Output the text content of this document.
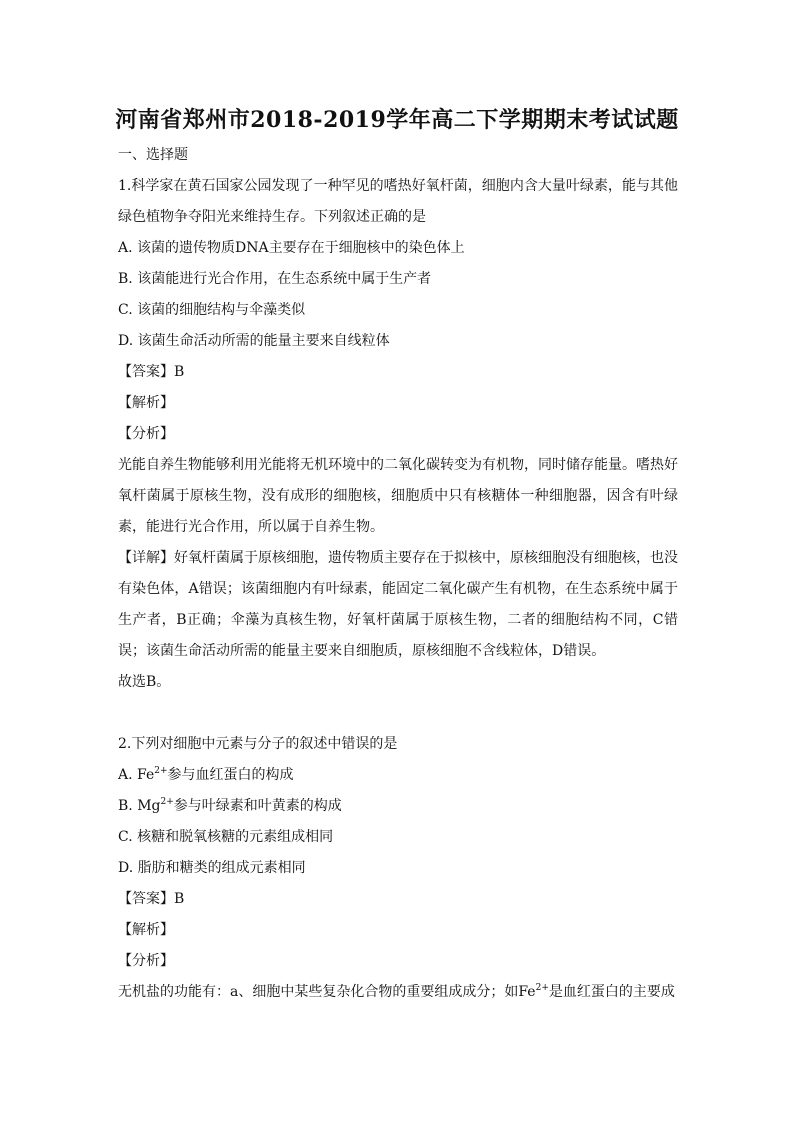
河南省郑州市2018-2019学年高二下学期期末考试试题
一、选择题
1.科学家在黄石国家公园发现了一种罕见的嗜热好氧杆菌，细胞内含大量叶绿素，能与其他绿色植物争夺阳光来维持生存。下列叙述正确的是
A. 该菌的遗传物质DNA主要存在于细胞核中的染色体上
B. 该菌能进行光合作用，在生态系统中属于生产者
C. 该菌的细胞结构与伞藻类似
D. 该菌生命活动所需的能量主要来自线粒体
【答案】B
【解析】
【分析】
光能自养生物能够利用光能将无机环境中的二氧化碳转变为有机物，同时储存能量。嗜热好氧杆菌属于原核生物，没有成形的细胞核，细胞质中只有核糖体一种细胞器，因含有叶绿素，能进行光合作用，所以属于自养生物。
【详解】好氧杆菌属于原核细胞，遗传物质主要存在于拟核中，原核细胞没有细胞核，也没有染色体，A错误；该菌细胞内有叶绿素，能固定二氧化碳产生有机物，在生态系统中属于生产者，B正确；伞藻为真核生物，好氧杆菌属于原核生物，二者的细胞结构不同，C错误；该菌生命活动所需的能量主要来自细胞质，原核细胞不含线粒体，D错误。
故选B。
2.下列对细胞中元素与分子的叙述中错误的是
A. $Fe^{2+}$参与血红蛋白的构成
B. $Mg^{2+}$参与叶绿素和叶黄素的构成
C. 核糖和脱氧核糖的元素组成相同
D. 脂肪和糖类的组成元素相同
【答案】B
【解析】
【分析】
无机盐的功能有：a、细胞中某些复杂化合物的重要组成成分；如$Fe^{2+}$是血红蛋白的主要成
